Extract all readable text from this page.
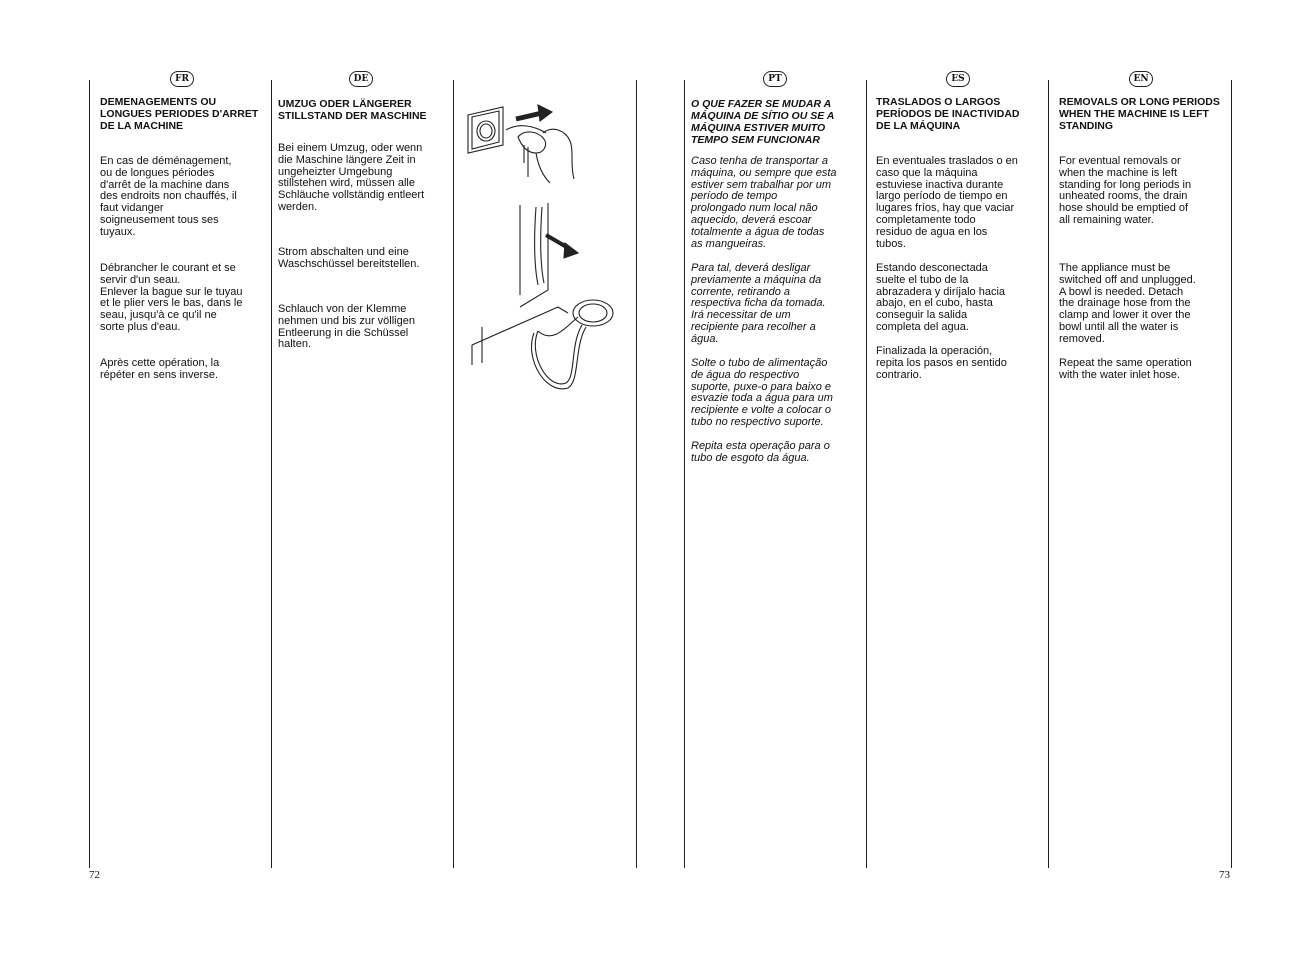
FR
DEMENAGEMENTS OU
LONGUES PERIODES D'ARRET
DE LA MACHINE
En cas de déménagement,
ou de longues périodes
d'arrêt de la machine dans
des endroits non chauffés, il
faut vidanger
soigneusement tous ses
tuyaux.
Débrancher le courant et se
servir d'un seau.
Enlever la bague sur le tuyau
et le plier vers le bas, dans le
seau, jusqu'à ce qu'il ne
sorte plus d'eau.
Après cette opération, la
répéter en sens inverse.
DE
UMZUG ODER LÄNGERER
STILLSTAND DER MASCHINE
Bei einem Umzug, oder wenn
die Maschine längere Zeit in
ungeheizter Umgebung
stillstehen wird, müssen alle
Schläuche vollständig entleert
werden.
Strom abschalten und eine
Waschschüssel bereitstellen.
Schlauch von der Klemme
nehmen und bis zur völligen
Entleerung in die Schüssel
halten.
PT
O QUE FAZER SE MUDAR A
MÁQUINA DE SÍTIO OU SE A
MÁQUINA ESTIVER MUITO
TEMPO SEM FUNCIONAR
Caso tenha de transportar a
máquina, ou sempre que esta
estiver sem trabalhar por um
período de tempo
prolongado num local não
aquecido, deverá escoar
totalmente a água de todas
as mangueiras.
Para tal, deverá desligar
previamente a máquina da
corrente, retirando a
respectiva ficha da tomada.
Irá necessitar de um
recipiente para recolher a
água.
Solte o tubo de alimentação
de água do respectivo
suporte, puxe-o para baixo e
esvazie toda a água para um
recipiente e volte a colocar o
tubo no respectivo suporte.
Repita esta operação para o
tubo de esgoto da água.
ES
TRASLADOS O LARGOS
PERÍODOS DE INACTIVIDAD
DE LA MÁQUINA
En eventuales traslados o en
caso que la máquina
estuviese inactiva durante
largo período de tiempo en
lugares fríos, hay que vaciar
completamente todo
residuo de agua en los
tubos.
Estando desconectada
suelte el tubo de la
abrazadera y diríjalo hacia
abajo, en el cubo, hasta
conseguir la salida
completa del agua.
Finalizada la operación,
repita los pasos en sentido
contrario.
EN
REMOVALS OR LONG PERIODS
WHEN THE MACHINE IS LEFT
STANDING
For eventual removals or
when the machine is left
standing for long periods in
unheated rooms, the drain
hose should be emptied of
all remaining water.
The appliance must be
switched off and unplugged.
A bowl is needed. Detach
the drainage hose from the
clamp and lower it over the
bowl until all the water is
removed.
Repeat the same operation
with the water inlet hose.
72	73
